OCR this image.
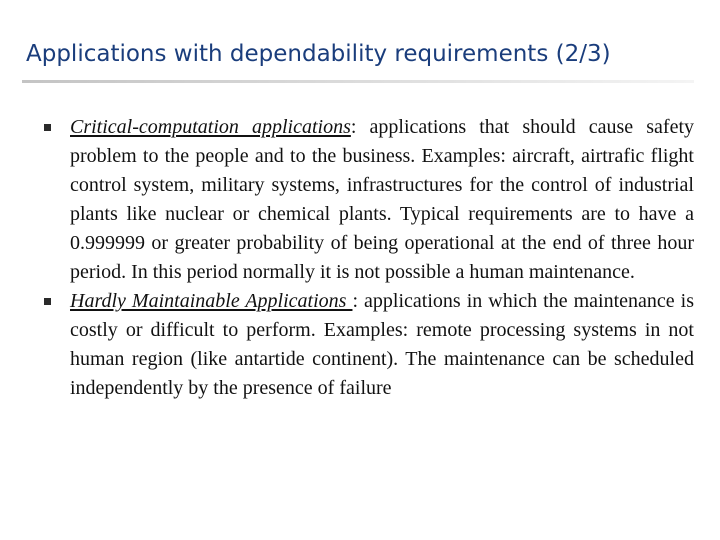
Applications with dependability requirements (2/3)
Critical-computation applications: applications that should cause safety problem to the people and to the business. Examples: aircraft, airtrafic flight control system, military systems, infrastructures for the control of industrial plants like nuclear or chemical plants. Typical requirements are to have a 0.999999 or greater probability of being operational at the end of three hour period. In this period normally it is not possible a human maintenance.
Hardly Maintainable Applications : applications in which the maintenance is costly or difficult to perform. Examples: remote processing systems in not human region (like antartide continent). The maintenance can be scheduled independently by the presence of failure
